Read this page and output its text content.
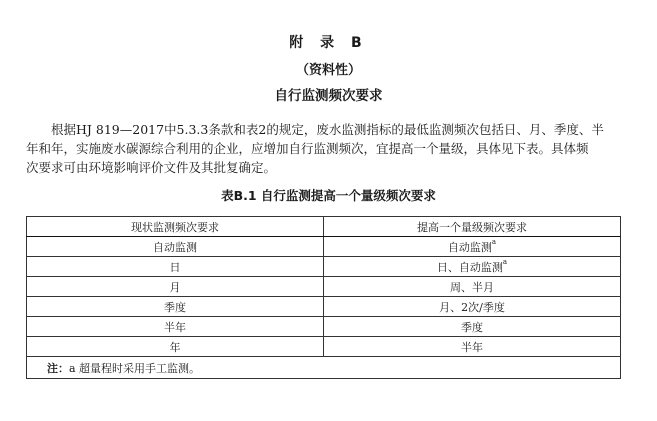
附 录 B
（资料性）
自行监测频次要求

根据HJ 819—2017中5.3.3条款和表2的规定，废水监测指标的最低监测频次包括日、月、季度、半

年和年，实施废水碳源综合利用的企业，应增加自行监测频次，宜提高一个量级，具体见下表。具体频

次要求可由环境影响评价文件及其批复确定。

表B.1 自行监测提高一个量级频次要求
现状监测频次要求	提高一个量级频次要求
自动监测	自动监测$^a$
日	日、自动监测$^a$
月	周、半月
季度	月、2次/季度
半年	季度
年	半年
注：a 超量程时采用手工监测。	
